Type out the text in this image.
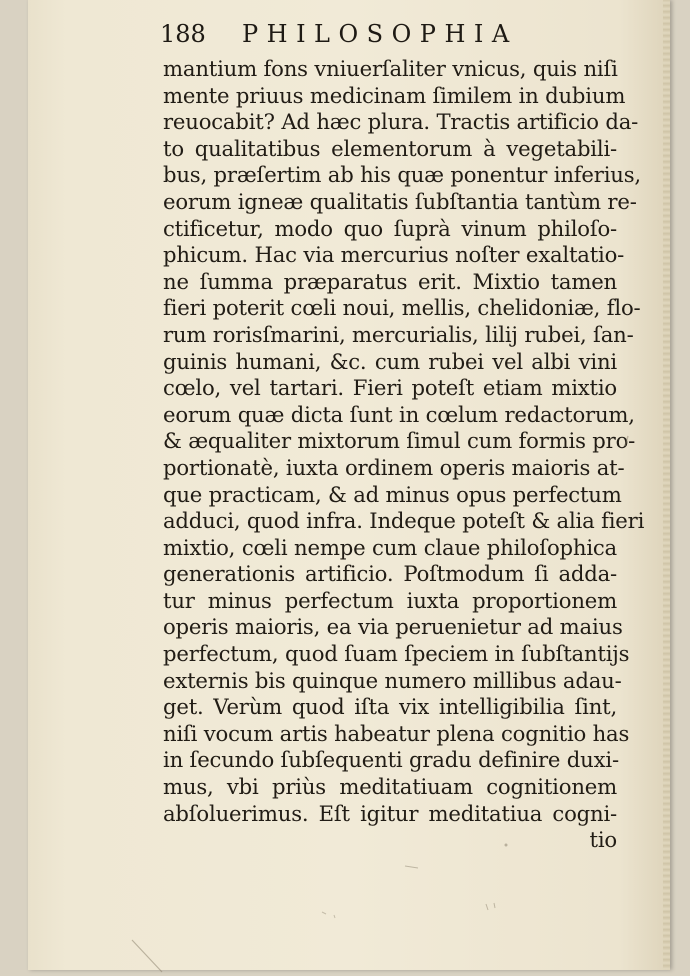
188 PHILOSOPHIA
mantium fons vniuerſaliter vnicus, quis niſi
mente priuus medicinam ſimilem in dubium
reuocabit? Ad hæc plura. Tractis artificio da-
to qualitatibus elementorum à vegetabili-
bus, præſertim ab his quæ ponentur inferius,
eorum igneæ qualitatis ſubſtantia tantùm re-
ctificetur, modo quo ſuprà vinum philoſo-
phicum. Hac via mercurius noſter exaltatio-
ne ſumma præparatus erit. Mixtio tamen
fieri poterit cœli noui, mellis, chelidoniæ, flo-
rum rorisſmarini, mercurialis, lilij rubei, ſan-
guinis humani, &c. cum rubei vel albi vini
cœlo, vel tartari. Fieri poteſt etiam mixtio
eorum quæ dicta ſunt in cœlum redactorum,
& æqualiter mixtorum ſimul cum formis pro-
portionatè, iuxta ordinem operis maioris at-
que practicam, & ad minus opus perfectum
adduci, quod infra. Indeque poteſt & alia fieri
mixtio, cœli nempe cum claue philoſophica
generationis artificio. Poſtmodum ſi adda-
tur minus perfectum iuxta proportionem
operis maioris, ea via peruenietur ad maius
perfectum, quod ſuam ſpeciem in ſubſtantijs
externis bis quinque numero millibus adau-
get. Verùm quod iſta vix intelligibilia ſint,
niſi vocum artis habeatur plena cognitio has
in ſecundo ſubſequenti gradu definire duxi-
mus, vbi priùs meditatiuam cognitionem
abſoluerimus. Eſt igitur meditatiua cogni-
tio
